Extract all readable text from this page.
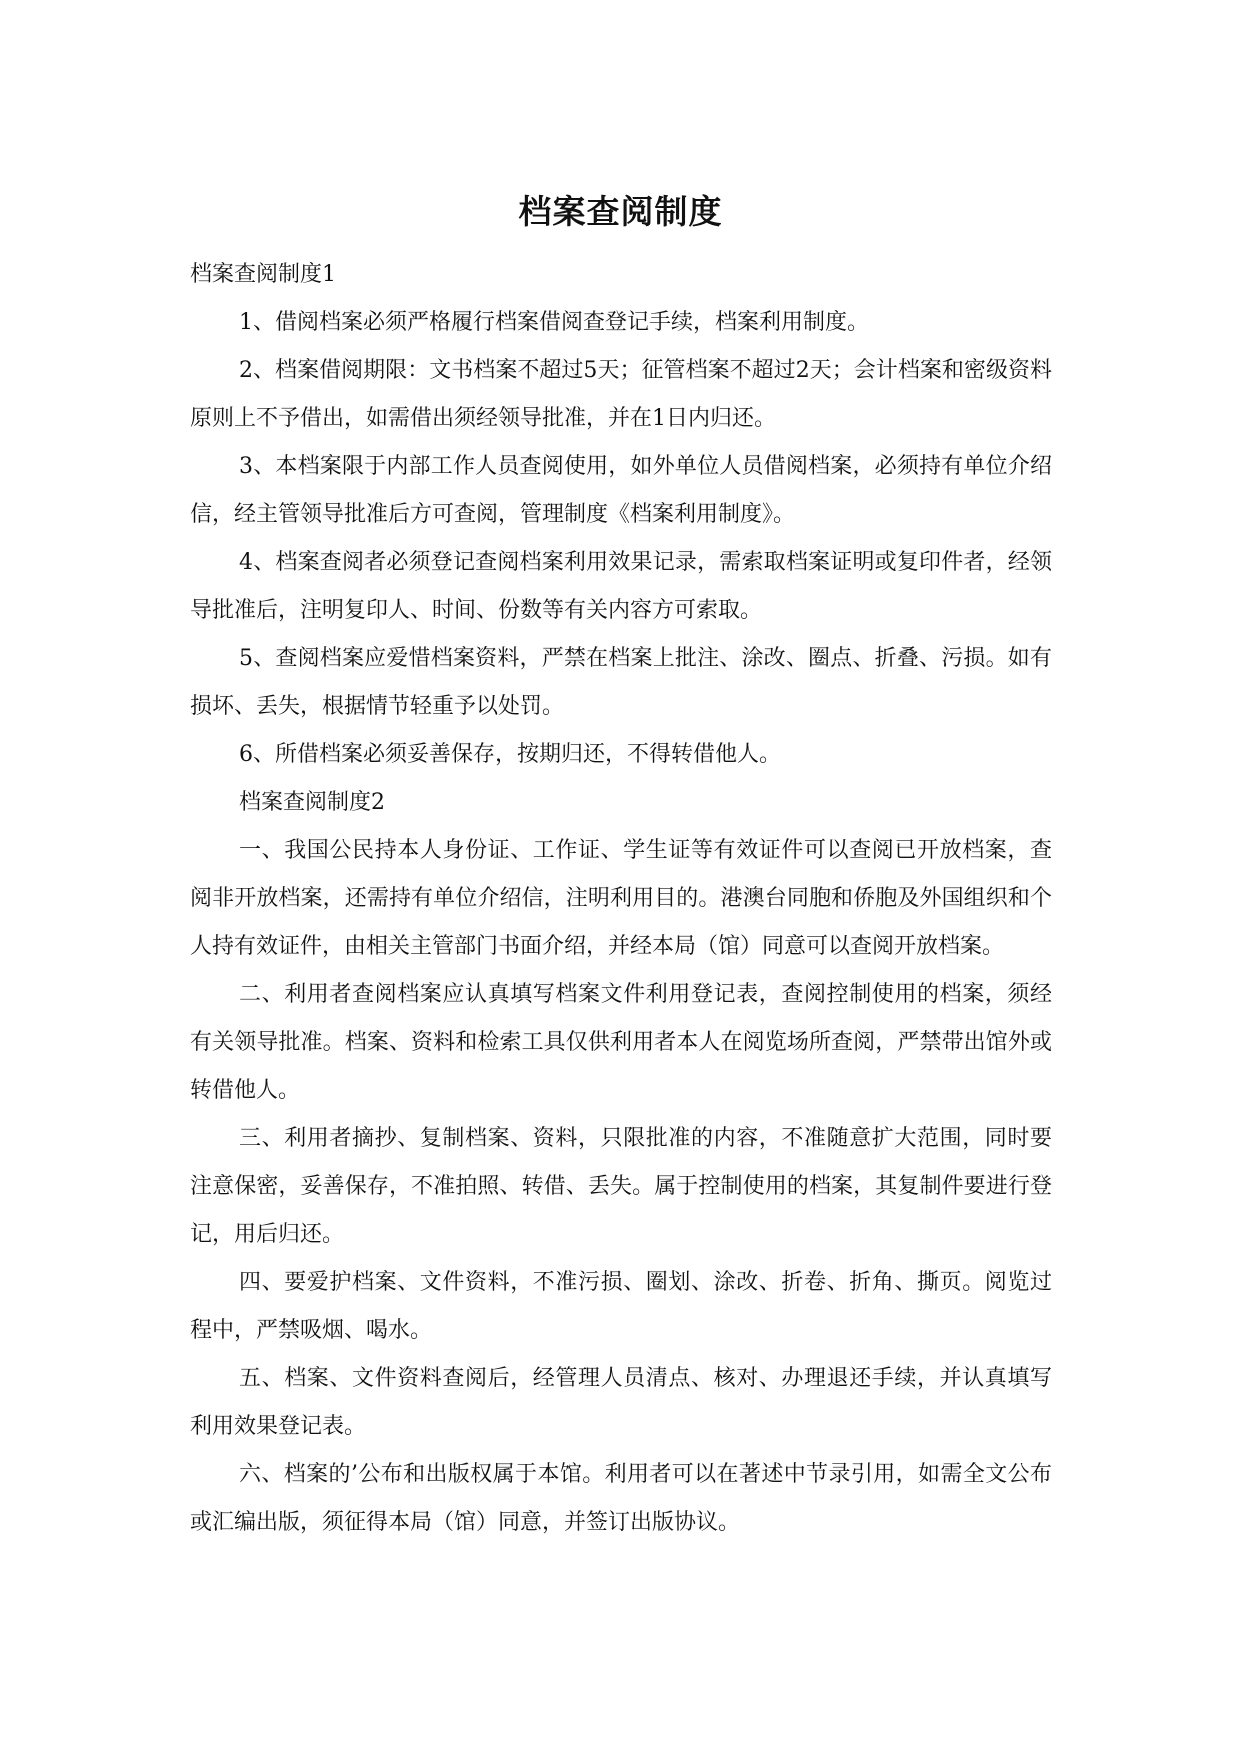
档案查阅制度

档案查阅制度1

1、借阅档案必须严格履行档案借阅查登记手续，档案利用制度。

2、档案借阅期限：文书档案不超过5天；征管档案不超过2天；会计档案和密级资料原则上不予借出，如需借出须经领导批准，并在1日内归还。

3、本档案限于内部工作人员查阅使用，如外单位人员借阅档案，必须持有单位介绍信，经主管领导批准后方可查阅，管理制度《档案利用制度》。

4、档案查阅者必须登记查阅档案利用效果记录，需索取档案证明或复印件者，经领导批准后，注明复印人、时间、份数等有关内容方可索取。

5、查阅档案应爱惜档案资料，严禁在档案上批注、涂改、圈点、折叠、污损。如有损坏、丢失，根据情节轻重予以处罚。

6、所借档案必须妥善保存，按期归还，不得转借他人。

档案查阅制度2

一、我国公民持本人身份证、工作证、学生证等有效证件可以查阅已开放档案，查阅非开放档案，还需持有单位介绍信，注明利用目的。港澳台同胞和侨胞及外国组织和个人持有效证件，由相关主管部门书面介绍，并经本局（馆）同意可以查阅开放档案。

二、利用者查阅档案应认真填写档案文件利用登记表，查阅控制使用的档案，须经有关领导批准。档案、资料和检索工具仅供利用者本人在阅览场所查阅，严禁带出馆外或转借他人。

三、利用者摘抄、复制档案、资料，只限批准的内容，不准随意扩大范围，同时要注意保密，妥善保存，不准拍照、转借、丢失。属于控制使用的档案，其复制件要进行登记，用后归还。

四、要爱护档案、文件资料，不准污损、圈划、涂改、折卷、折角、撕页。阅览过程中，严禁吸烟、喝水。

五、档案、文件资料查阅后，经管理人员清点、核对、办理退还手续，并认真填写利用效果登记表。

六、档案的’公布和出版权属于本馆。利用者可以在著述中节录引用，如需全文公布或汇编出版，须征得本局（馆）同意，并签订出版协议。
